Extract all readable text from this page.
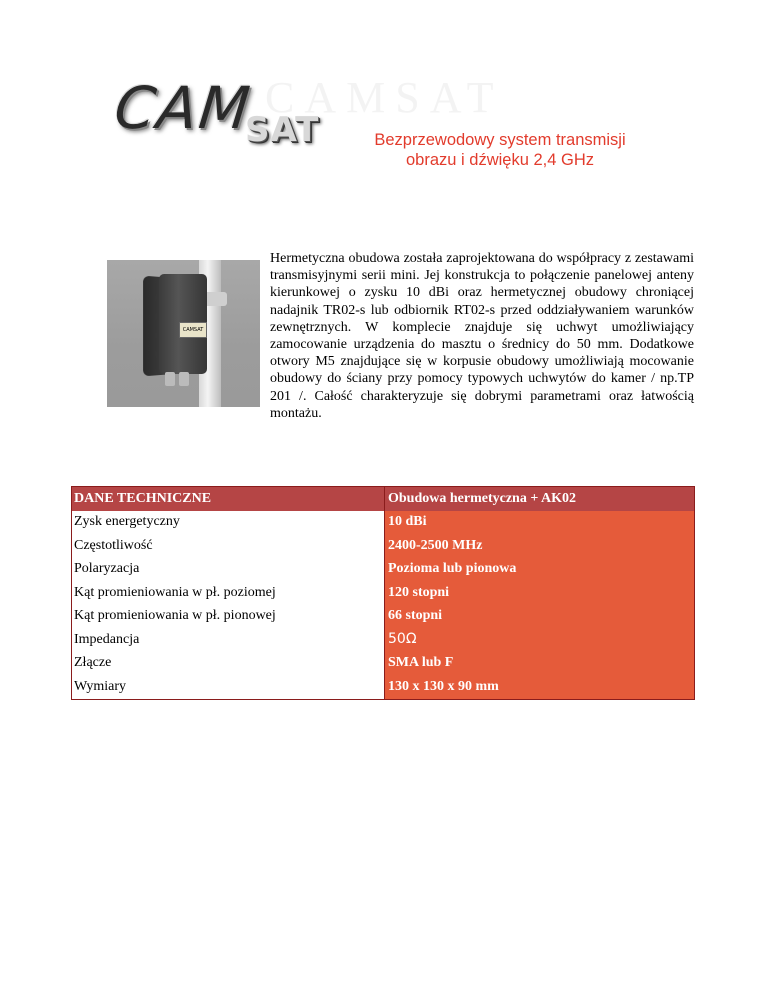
CAMSAT
CAM
SAT	Bezprzewodowy system transmisji
obrazu i dźwięku 2,4 GHz
CAMSAT
Hermetyczna obudowa została zaprojektowana do współpracy z zestawami transmisyjnymi serii mini. Jej konstrukcja to połączenie panelowej anteny kierunkowej o zysku 10 dBi oraz hermetycznej obudowy chroniącej nadajnik TR02-s lub odbiornik RT02-s przed oddziaływaniem warunków zewnętrznych. W komplecie znajduje się uchwyt umożliwiający zamocowanie urządzenia do masztu o średnicy do 50 mm. Dodatkowe otwory M5 znajdujące się w korpusie obudowy umożliwiają mocowanie obudowy do ściany przy pomocy typowych uchwytów do kamer / np.TP 201 /. Całość charakteryzuje się dobrymi parametrami oraz łatwością montażu.
DANE TECHNICZNE	Obudowa hermetyczna + AK02
Zysk energetyczny	10 dBi
Częstotliwość	2400-2500 MHz
Polaryzacja	Pozioma lub pionowa
Kąt promieniowania w pł. poziomej	120 stopni
Kąt promieniowania w pł. pionowej	66 stopni
Impedancja	50Ω
Złącze	SMA lub F
Wymiary	130 x 130 x 90 mm
